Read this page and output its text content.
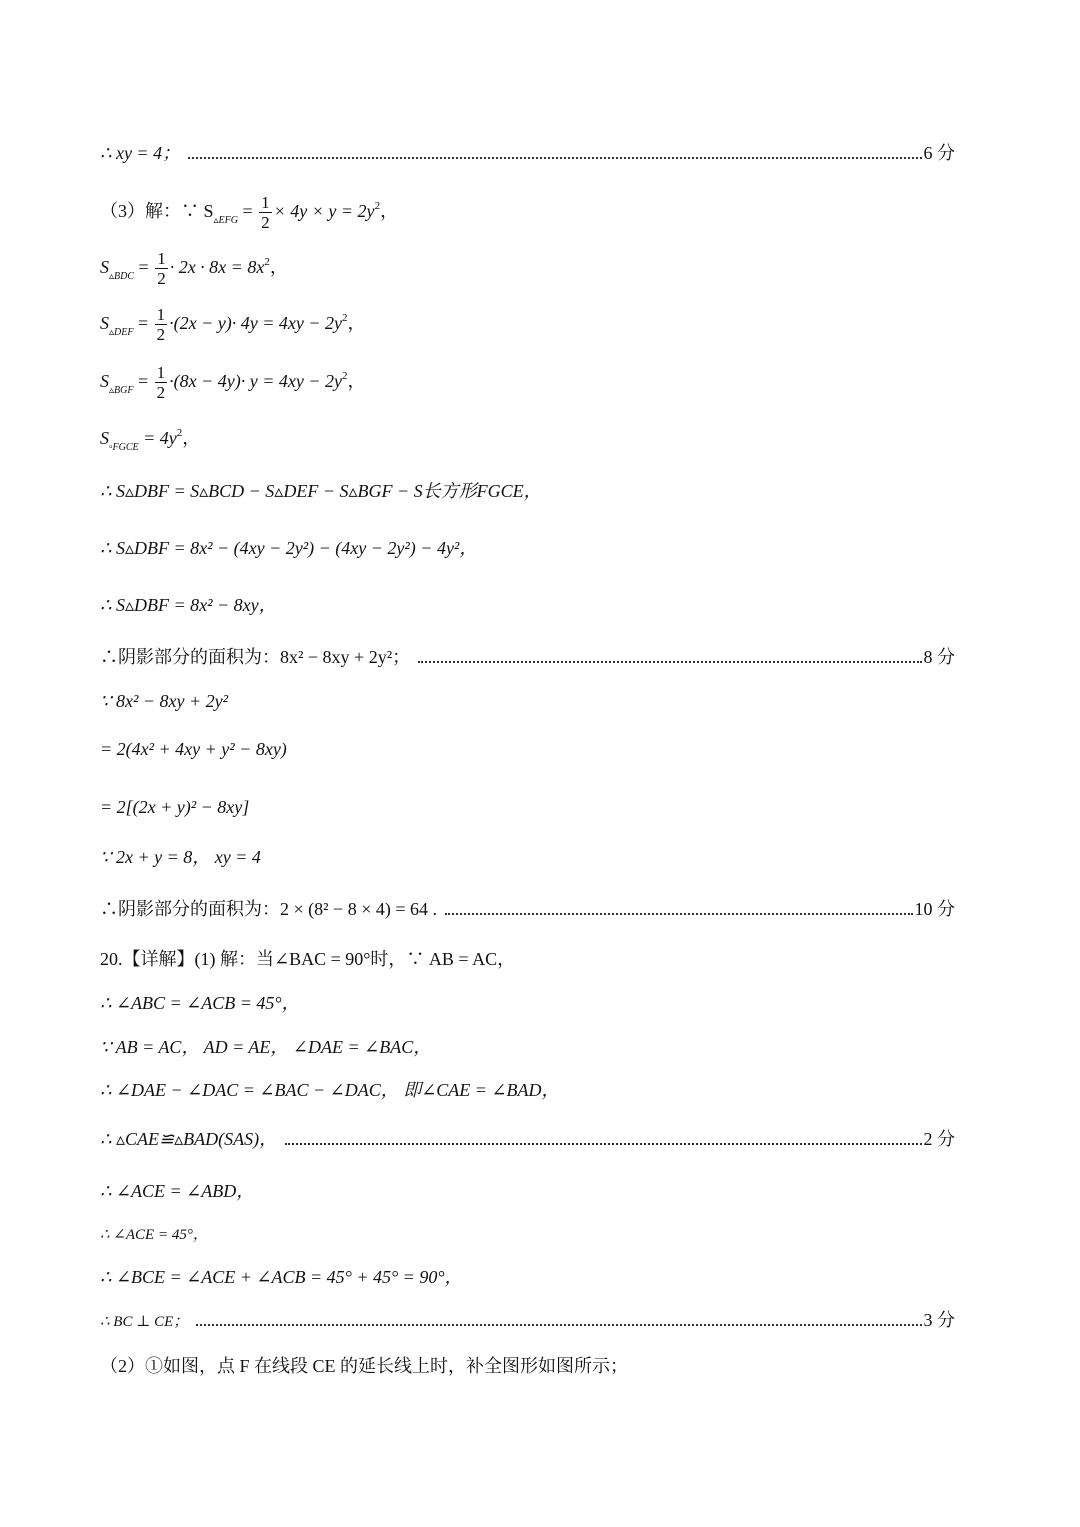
∴ xy = 4；	6 分
（3）解：∵ $S_{▵EFG} = \frac{1}{2} \times 4y \times y = 2y^2$，
$S_{▵BDC} = \frac{1}{2} \cdot 2x \cdot 8x = 8x^2$，
$S_{▵DEF} = \frac{1}{2} \cdot(2x - y)\cdot 4y = 4xy - 2y^2$，
$S_{▵BGF} = \frac{1}{2} \cdot(8x - 4y)\cdot y = 4xy - 2y^2$，
$S_{▫FGCE} = 4y^2$，
∴ S▵DBF = S▵BCD − S▵DEF − S▵BGF − S长方形FGCE，
∴ S▵DBF = 8x² − (4xy − 2y²) − (4xy − 2y²) − 4y²，
∴ S▵DBF = 8x² − 8xy，
∴阴影部分的面积为：8x² − 8xy + 2y²；	8 分
∵ 8x² − 8xy + 2y²
= 2(4x² + 4xy + y² − 8xy)
= 2[(2x + y)² − 8xy]
∵ 2x + y = 8， xy = 4
∴阴影部分的面积为：2 × (8² − 8 × 4) = 64 .	10 分
20.【详解】(1) 解：当∠BAC = 90°时，∵ AB = AC，
∴ ∠ABC = ∠ACB = 45°，
∵ AB = AC， AD = AE， ∠DAE = ∠BAC，
∴ ∠DAE − ∠DAC = ∠BAC − ∠DAC， 即∠CAE = ∠BAD，
∴ ▵CAE≌▵BAD(SAS)，	2 分
∴ ∠ACE = ∠ABD，
∴ ∠ACE = 45°，
∴ ∠BCE = ∠ACE + ∠ACB = 45° + 45° = 90°，
∴ BC ⊥ CE；	3 分
（2）①如图，点 F 在线段 CE 的延长线上时，补全图形如图所示；
